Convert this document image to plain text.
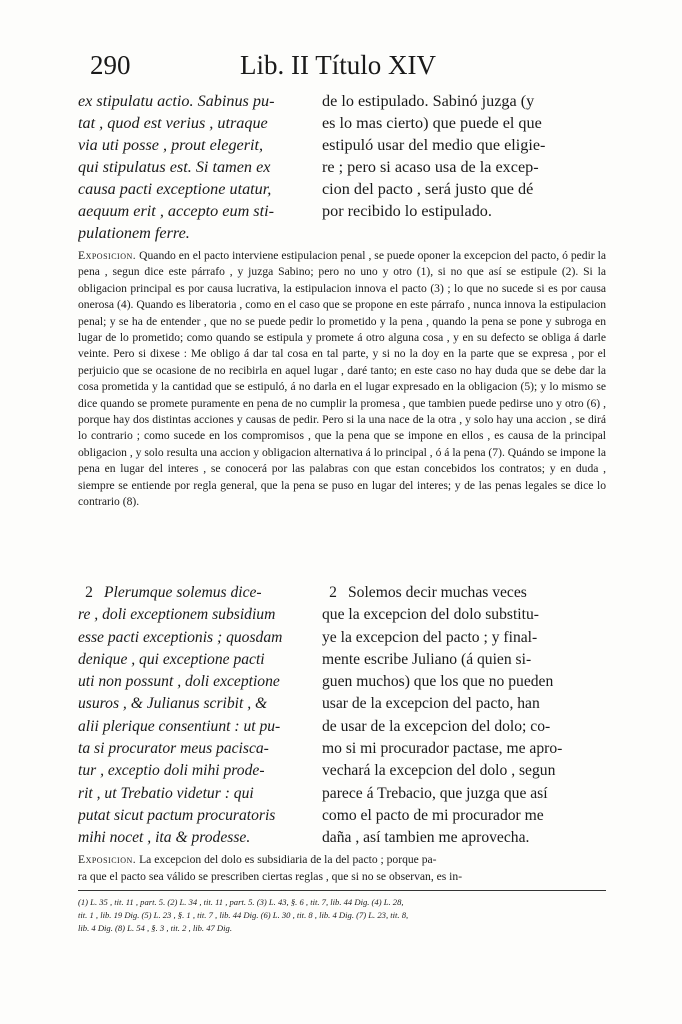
290	Lib. II Título XIV
ex stipulatu actio. Sabinus pu-
tat , quod est verius , utraque
via uti posse , prout elegerit,
qui stipulatus est. Si tamen ex
causa pacti exceptione utatur,
aequum erit , accepto eum sti-
pulationem ferre.
de lo estipulado. Sabinó juzga (y
es lo mas cierto) que puede el que
estipuló usar del medio que eligie-
re ; pero si acaso usa de la excep-
cion del pacto , será justo que dé
por recibido lo estipulado.
Exposicion. Quando en el pacto interviene estipulacion penal , se puede oponer la excepcion del pacto, ó pedir la pena , segun dice este párrafo , y juzga Sabino; pero no uno y otro (1), si no que así se estipule (2). Si la obligacion principal es por causa lucrativa, la estipulacion innova el pacto (3) ; lo que no sucede si es por causa onerosa (4). Quando es liberatoria , como en el caso que se propone en este párrafo , nunca innova la estipulacion penal; y se ha de entender , que no se puede pedir lo prometido y la pena , quando la pena se pone y subroga en lugar de lo prometido; como quando se estipula y promete á otro alguna cosa , y en su defecto se obliga á darle veinte. Pero si dixese : Me obligo á dar tal cosa en tal parte, y si no la doy en la parte que se expresa , por el perjuicio que se ocasione de no recibirla en aquel lugar , daré tanto; en este caso no hay duda que se debe dar la cosa prometida y la cantidad que se estipuló, á no darla en el lugar expresado en la obligacion (5); y lo mismo se dice quando se promete puramente en pena de no cumplir la promesa , que tambien puede pedirse uno y otro (6) , porque hay dos distintas acciones y causas de pedir. Pero si la una nace de la otra , y solo hay una accion , se dirá lo contrario ; como sucede en los compromisos , que la pena que se impone en ellos , es causa de la principal obligacion , y solo resulta una accion y obligacion alternativa á lo principal , ó á la pena (7). Quándo se impone la pena en lugar del interes , se conocerá por las palabras con que estan concebidos los contratos; y en duda , siempre se entiende por regla general, que la pena se puso en lugar del interes; y de las penas legales se dice lo contrario (8).
2 Plerumque solemus dice-
re , doli exceptionem subsidium
esse pacti exceptionis ; quosdam
denique , qui exceptione pacti
uti non possunt , doli exceptione
usuros , & Julianus scribit , &
alii plerique consentiunt : ut pu-
ta si procurator meus pacisca-
tur , exceptio doli mihi prode-
rit , ut Trebatio videtur : qui
putat sicut pactum procuratoris
mihi nocet , ita & prodesse.
2 Solemos decir muchas veces
que la excepcion del dolo substitu-
ye la excepcion del pacto ; y final-
mente escribe Juliano (á quien si-
guen muchos) que los que no pueden
usar de la excepcion del pacto, han
de usar de la excepcion del dolo; co-
mo si mi procurador pactase, me apro-
vechará la excepcion del dolo , segun
parece á Trebacio, que juzga que así
como el pacto de mi procurador me
daña , así tambien me aprovecha.
Exposicion. La excepcion del dolo es subsidiaria de la del pacto ; porque pa-
ra que el pacto sea válido se prescriben ciertas reglas , que si no se observan, es in-
(1) L. 35 , tit. 11 , part. 5. (2) L. 34 , tit. 11 , part. 5. (3) L. 43, §. 6 , tit. 7, lib. 44 Dig. (4) L. 28,
tit. 1 , lib. 19 Dig. (5) L. 23 , §. 1 , tit. 7 , lib. 44 Dig. (6) L. 30 , tit. 8 , lib. 4 Dig. (7) L. 23, tit. 8,
lib. 4 Dig. (8) L. 54 , §. 3 , tit. 2 , lib. 47 Dig.
